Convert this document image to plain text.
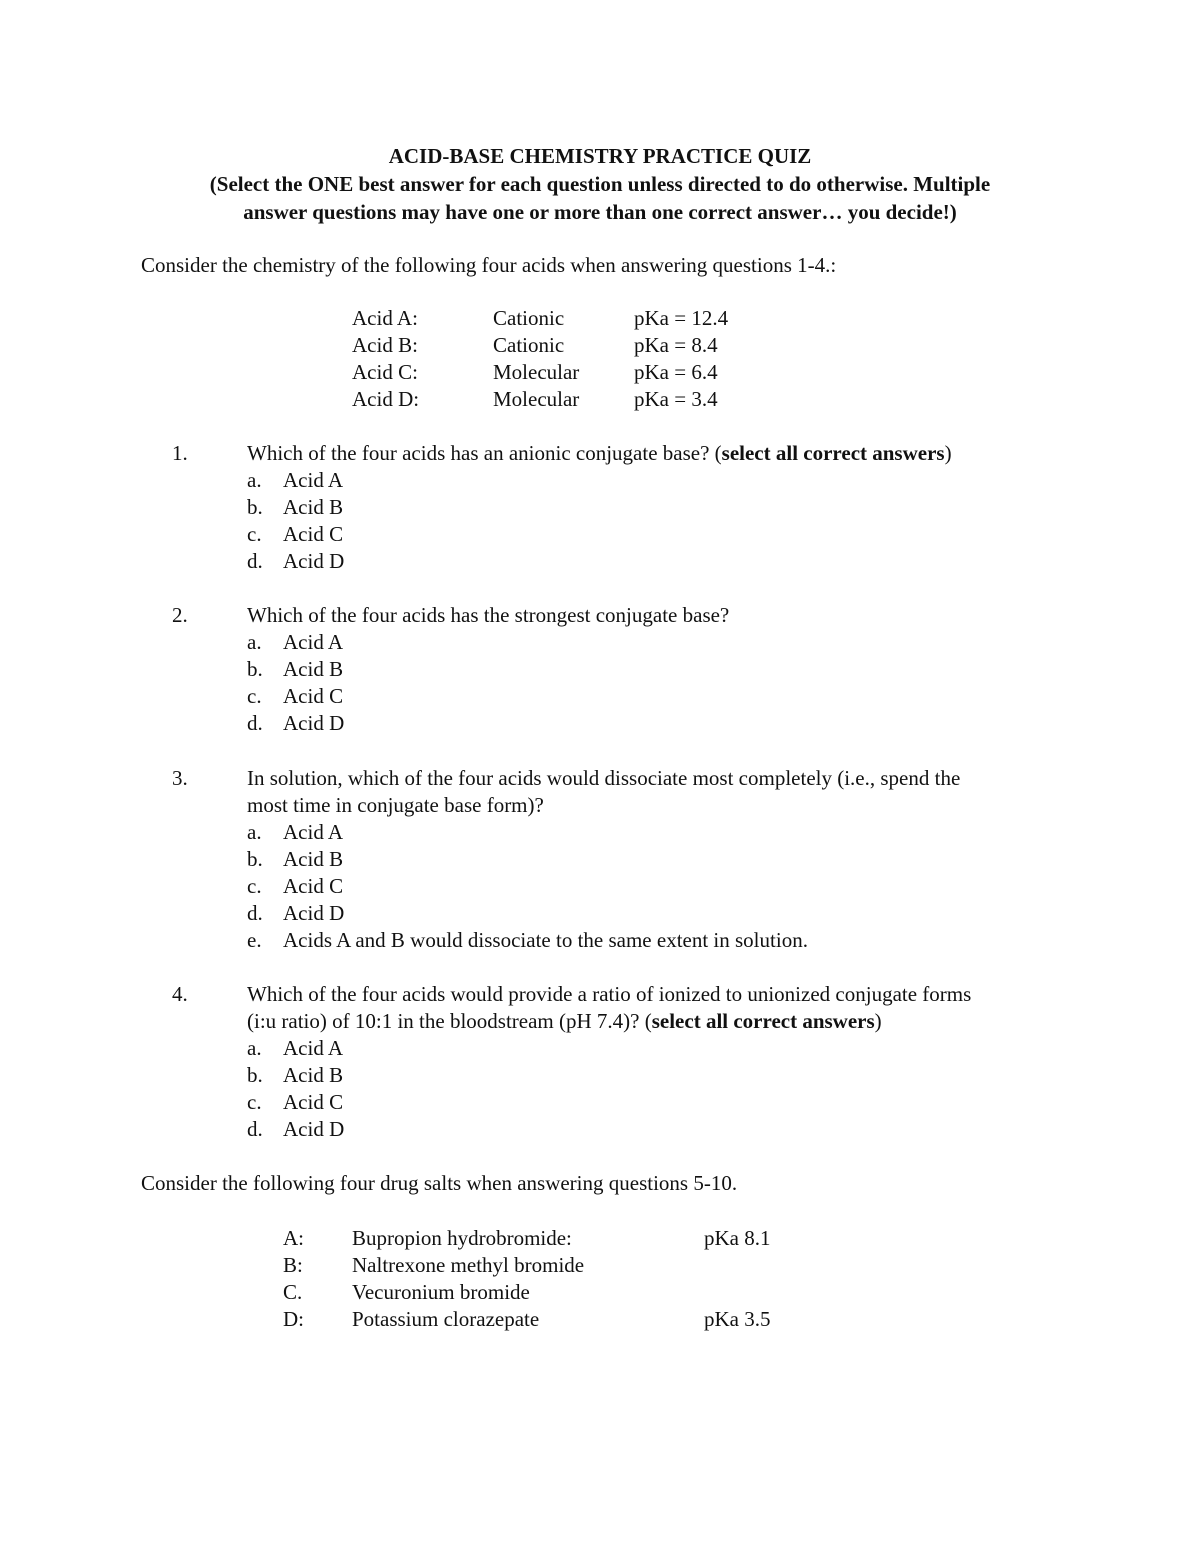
ACID-BASE CHEMISTRY PRACTICE QUIZ
(Select the ONE best answer for each question unless directed to do otherwise. Multiple
answer questions may have one or more than one correct answer… you decide!)
Consider the chemistry of the following four acids when answering questions 1-4.:
Acid A:	Cationic	pKa = 12.4
Acid B:	Cationic	pKa = 8.4
Acid C:	Molecular	pKa = 6.4
Acid D:	Molecular	pKa = 3.4
1.	Which of the four acids has an anionic conjugate base? (select all correct answers)
a. Acid A
b. Acid B
c. Acid C
d. Acid D
2.	Which of the four acids has the strongest conjugate base?
a. Acid A
b. Acid B
c. Acid C
d. Acid D
3.	In solution, which of the four acids would dissociate most completely (i.e., spend the
most time in conjugate base form)?
a. Acid A
b. Acid B
c. Acid C
d. Acid D
e. Acids A and B would dissociate to the same extent in solution.
4.	Which of the four acids would provide a ratio of ionized to unionized conjugate forms
(i:u ratio) of 10:1 in the bloodstream (pH 7.4)? (select all correct answers)
a. Acid A
b. Acid B
c. Acid C
d. Acid D
Consider the following four drug salts when answering questions 5-10.
A: Bupropion hydrobromide:	pKa 8.1
B: Naltrexone methyl bromide
C. Vecuronium bromide
D: Potassium clorazepate	pKa 3.5
